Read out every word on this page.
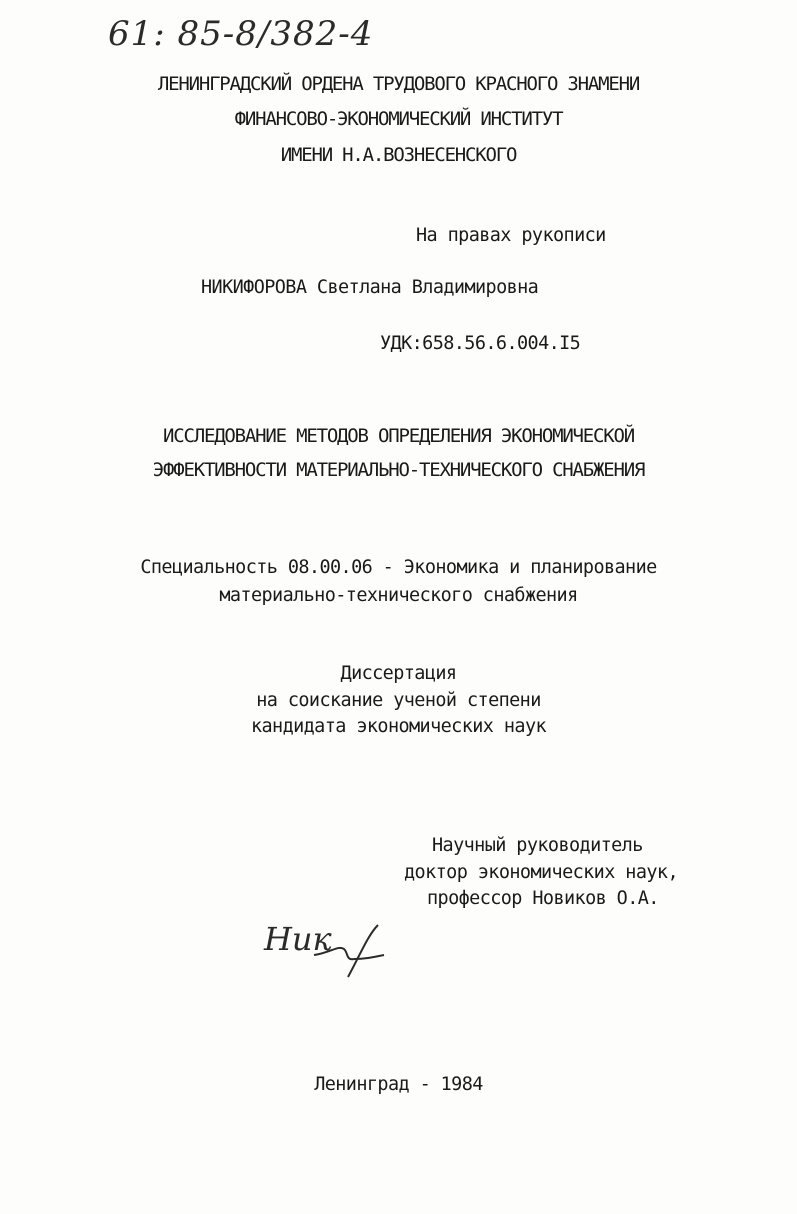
61: 85-8/382-4
ЛЕНИНГРАДСКИЙ ОРДЕНА ТРУДОВОГО КРАСНОГО ЗНАМЕНИ
ФИНАНСОВО-ЭКОНОМИЧЕСКИЙ ИНСТИТУТ
ИМЕНИ Н.А.ВОЗНЕСЕНСКОГО
На правах рукописи
НИКИФОРОВА Светлана Владимировна
УДК:658.56.6.004.I5
ИССЛЕДОВАНИЕ МЕТОДОВ ОПРЕДЕЛЕНИЯ ЭКОНОМИЧЕСКОЙ
ЭФФЕКТИВНОСТИ МАТЕРИАЛЬНО-ТЕХНИЧЕСКОГО СНАБЖЕНИЯ
Специальность 08.00.06 - Экономика и планирование
материально-технического снабжения
Диссертация
на соискание ученой степени
кандидата экономических наук
Научный руководитель
доктор экономических наук,
профессор Новиков О.А.
Ник
Ленинград - 1984
